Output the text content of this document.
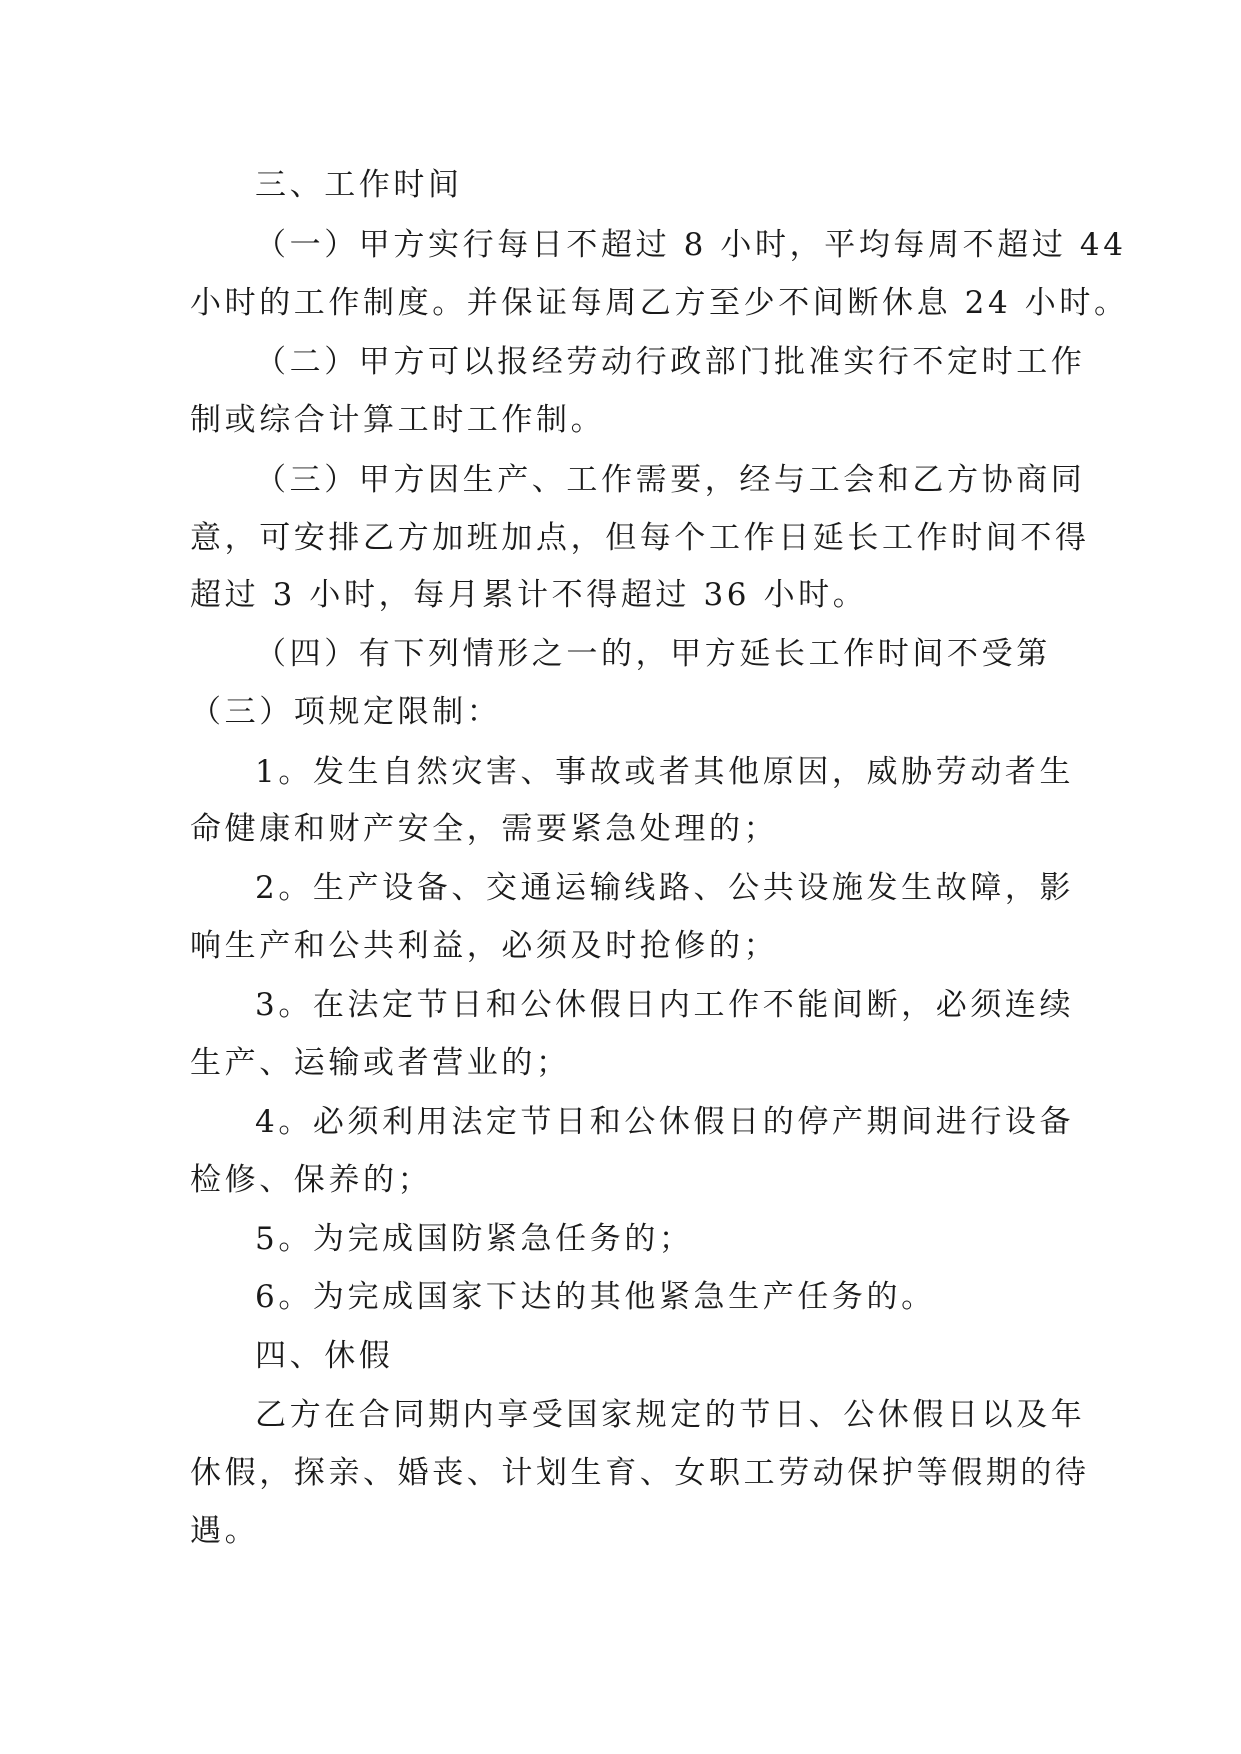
三、工作时间
（一）甲方实行每日不超过 8 小时，平均每周不超过 44
小时的工作制度。并保证每周乙方至少不间断休息 24 小时。
（二）甲方可以报经劳动行政部门批准实行不定时工作
制或综合计算工时工作制。
（三）甲方因生产、工作需要，经与工会和乙方协商同
意，可安排乙方加班加点，但每个工作日延长工作时间不得
超过 3 小时，每月累计不得超过 36 小时。
（四）有下列情形之一的，甲方延长工作时间不受第
（三）项规定限制：
1。发生自然灾害、事故或者其他原因，威胁劳动者生
命健康和财产安全，需要紧急处理的；
2。生产设备、交通运输线路、公共设施发生故障，影
响生产和公共利益，必须及时抢修的；
3。在法定节日和公休假日内工作不能间断，必须连续
生产、运输或者营业的；
4。必须利用法定节日和公休假日的停产期间进行设备
检修、保养的；
5。为完成国防紧急任务的；
6。为完成国家下达的其他紧急生产任务的。
四、休假
乙方在合同期内享受国家规定的节日、公休假日以及年
休假，探亲、婚丧、计划生育、女职工劳动保护等假期的待
遇。
